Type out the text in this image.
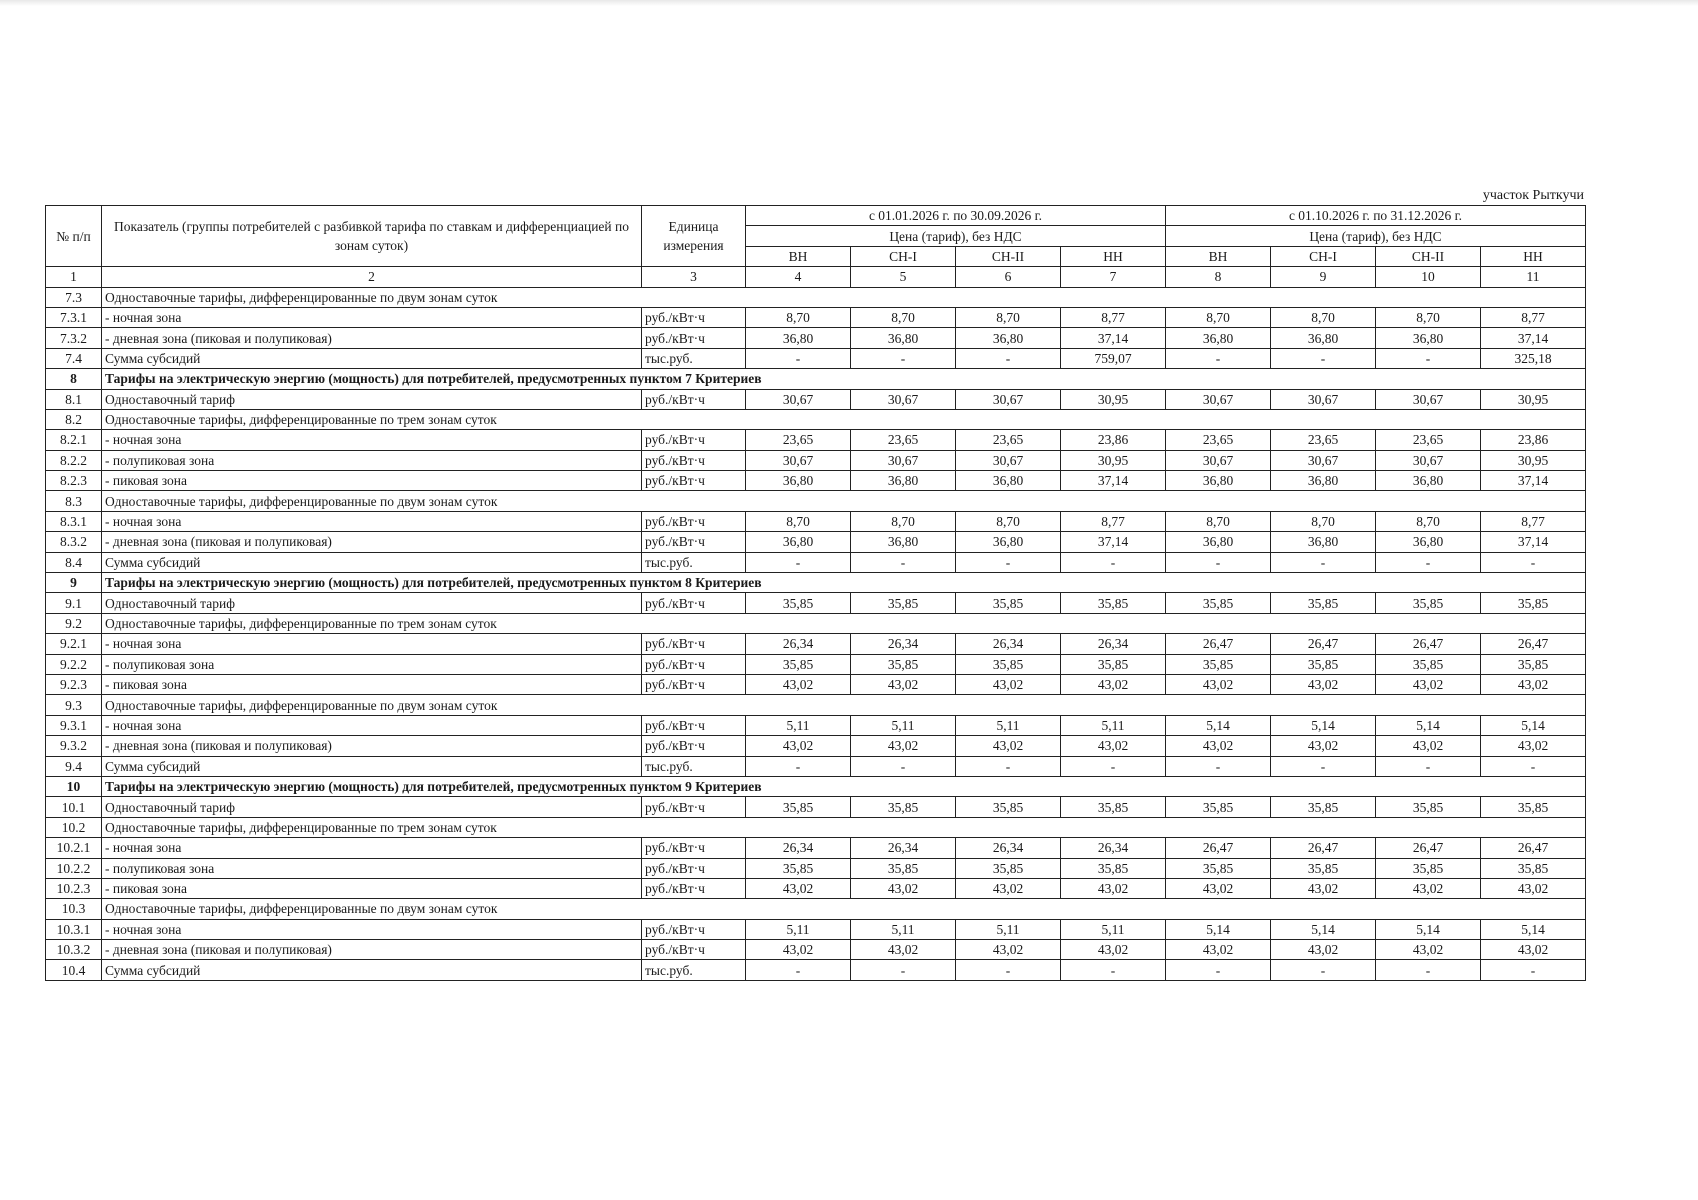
участок Рыткучи
№ п/п	Показатель (группы потребителей с разбивкой тарифа по ставкам и дифференциацией по зонам суток)	Единица измерения	с 01.01.2026 г. по 30.09.2026 г.				с 01.10.2026 г. по 31.12.2026 г.			
			Цена (тариф), без НДС				Цена (тариф), без НДС			
			ВН	СН-I	СН-II	НН	ВН	СН-I	СН-II	НН
1	2	3	4	5	6	7	8	9	10	11
7.3	Одноставочные тарифы, дифференцированные по двум зонам суток									
7.3.1	- ночная зона	руб./кВт·ч	8,70	8,70	8,70	8,77	8,70	8,70	8,70	8,77
7.3.2	- дневная зона (пиковая и полупиковая)	руб./кВт·ч	36,80	36,80	36,80	37,14	36,80	36,80	36,80	37,14
7.4	Сумма субсидий	тыс.руб.	-	-	-	759,07	-	-	-	325,18
8	Тарифы на электрическую энергию (мощность) для потребителей, предусмотренных пунктом 7 Критериев									
8.1	Одноставочный тариф	руб./кВт·ч	30,67	30,67	30,67	30,95	30,67	30,67	30,67	30,95
8.2	Одноставочные тарифы, дифференцированные по трем зонам суток									
8.2.1	- ночная зона	руб./кВт·ч	23,65	23,65	23,65	23,86	23,65	23,65	23,65	23,86
8.2.2	- полупиковая зона	руб./кВт·ч	30,67	30,67	30,67	30,95	30,67	30,67	30,67	30,95
8.2.3	- пиковая зона	руб./кВт·ч	36,80	36,80	36,80	37,14	36,80	36,80	36,80	37,14
8.3	Одноставочные тарифы, дифференцированные по двум зонам суток									
8.3.1	- ночная зона	руб./кВт·ч	8,70	8,70	8,70	8,77	8,70	8,70	8,70	8,77
8.3.2	- дневная зона (пиковая и полупиковая)	руб./кВт·ч	36,80	36,80	36,80	37,14	36,80	36,80	36,80	37,14
8.4	Сумма субсидий	тыс.руб.	-	-	-	-	-	-	-	-
9	Тарифы на электрическую энергию (мощность) для потребителей, предусмотренных пунктом 8 Критериев									
9.1	Одноставочный тариф	руб./кВт·ч	35,85	35,85	35,85	35,85	35,85	35,85	35,85	35,85
9.2	Одноставочные тарифы, дифференцированные по трем зонам суток									
9.2.1	- ночная зона	руб./кВт·ч	26,34	26,34	26,34	26,34	26,47	26,47	26,47	26,47
9.2.2	- полупиковая зона	руб./кВт·ч	35,85	35,85	35,85	35,85	35,85	35,85	35,85	35,85
9.2.3	- пиковая зона	руб./кВт·ч	43,02	43,02	43,02	43,02	43,02	43,02	43,02	43,02
9.3	Одноставочные тарифы, дифференцированные по двум зонам суток									
9.3.1	- ночная зона	руб./кВт·ч	5,11	5,11	5,11	5,11	5,14	5,14	5,14	5,14
9.3.2	- дневная зона (пиковая и полупиковая)	руб./кВт·ч	43,02	43,02	43,02	43,02	43,02	43,02	43,02	43,02
9.4	Сумма субсидий	тыс.руб.	-	-	-	-	-	-	-	-
10	Тарифы на электрическую энергию (мощность) для потребителей, предусмотренных пунктом 9 Критериев									
10.1	Одноставочный тариф	руб./кВт·ч	35,85	35,85	35,85	35,85	35,85	35,85	35,85	35,85
10.2	Одноставочные тарифы, дифференцированные по трем зонам суток									
10.2.1	- ночная зона	руб./кВт·ч	26,34	26,34	26,34	26,34	26,47	26,47	26,47	26,47
10.2.2	- полупиковая зона	руб./кВт·ч	35,85	35,85	35,85	35,85	35,85	35,85	35,85	35,85
10.2.3	- пиковая зона	руб./кВт·ч	43,02	43,02	43,02	43,02	43,02	43,02	43,02	43,02
10.3	Одноставочные тарифы, дифференцированные по двум зонам суток									
10.3.1	- ночная зона	руб./кВт·ч	5,11	5,11	5,11	5,11	5,14	5,14	5,14	5,14
10.3.2	- дневная зона (пиковая и полупиковая)	руб./кВт·ч	43,02	43,02	43,02	43,02	43,02	43,02	43,02	43,02
10.4	Сумма субсидий	тыс.руб.	-	-	-	-	-	-	-	-
